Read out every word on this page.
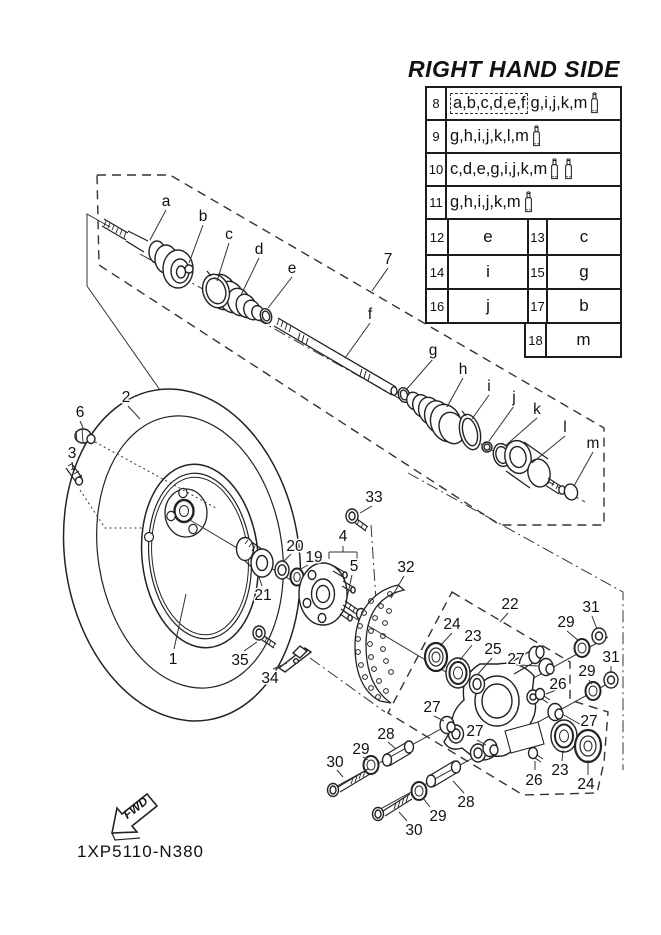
FWD
a
b
c
d
e
f
g
h
i
j
k
l
m
7
2
6
3
1
21
20
19
4
5
33
32
35
34
22
24
23
25
27
27
27
27
29
29
29
29
31
31
26
26
23
24
28
28
30
30
RIGHT HAND SIDE
8 a,b,c,d,e,f g,i,j,k,m
9 g,h,i,j,k,l,m
10 c,d,e,g,i,j,k,m
11 g,h,i,j,k,m
12	e	13	c
14	i	15	g
16	j	17	b
18	m
1XP5110-N380
